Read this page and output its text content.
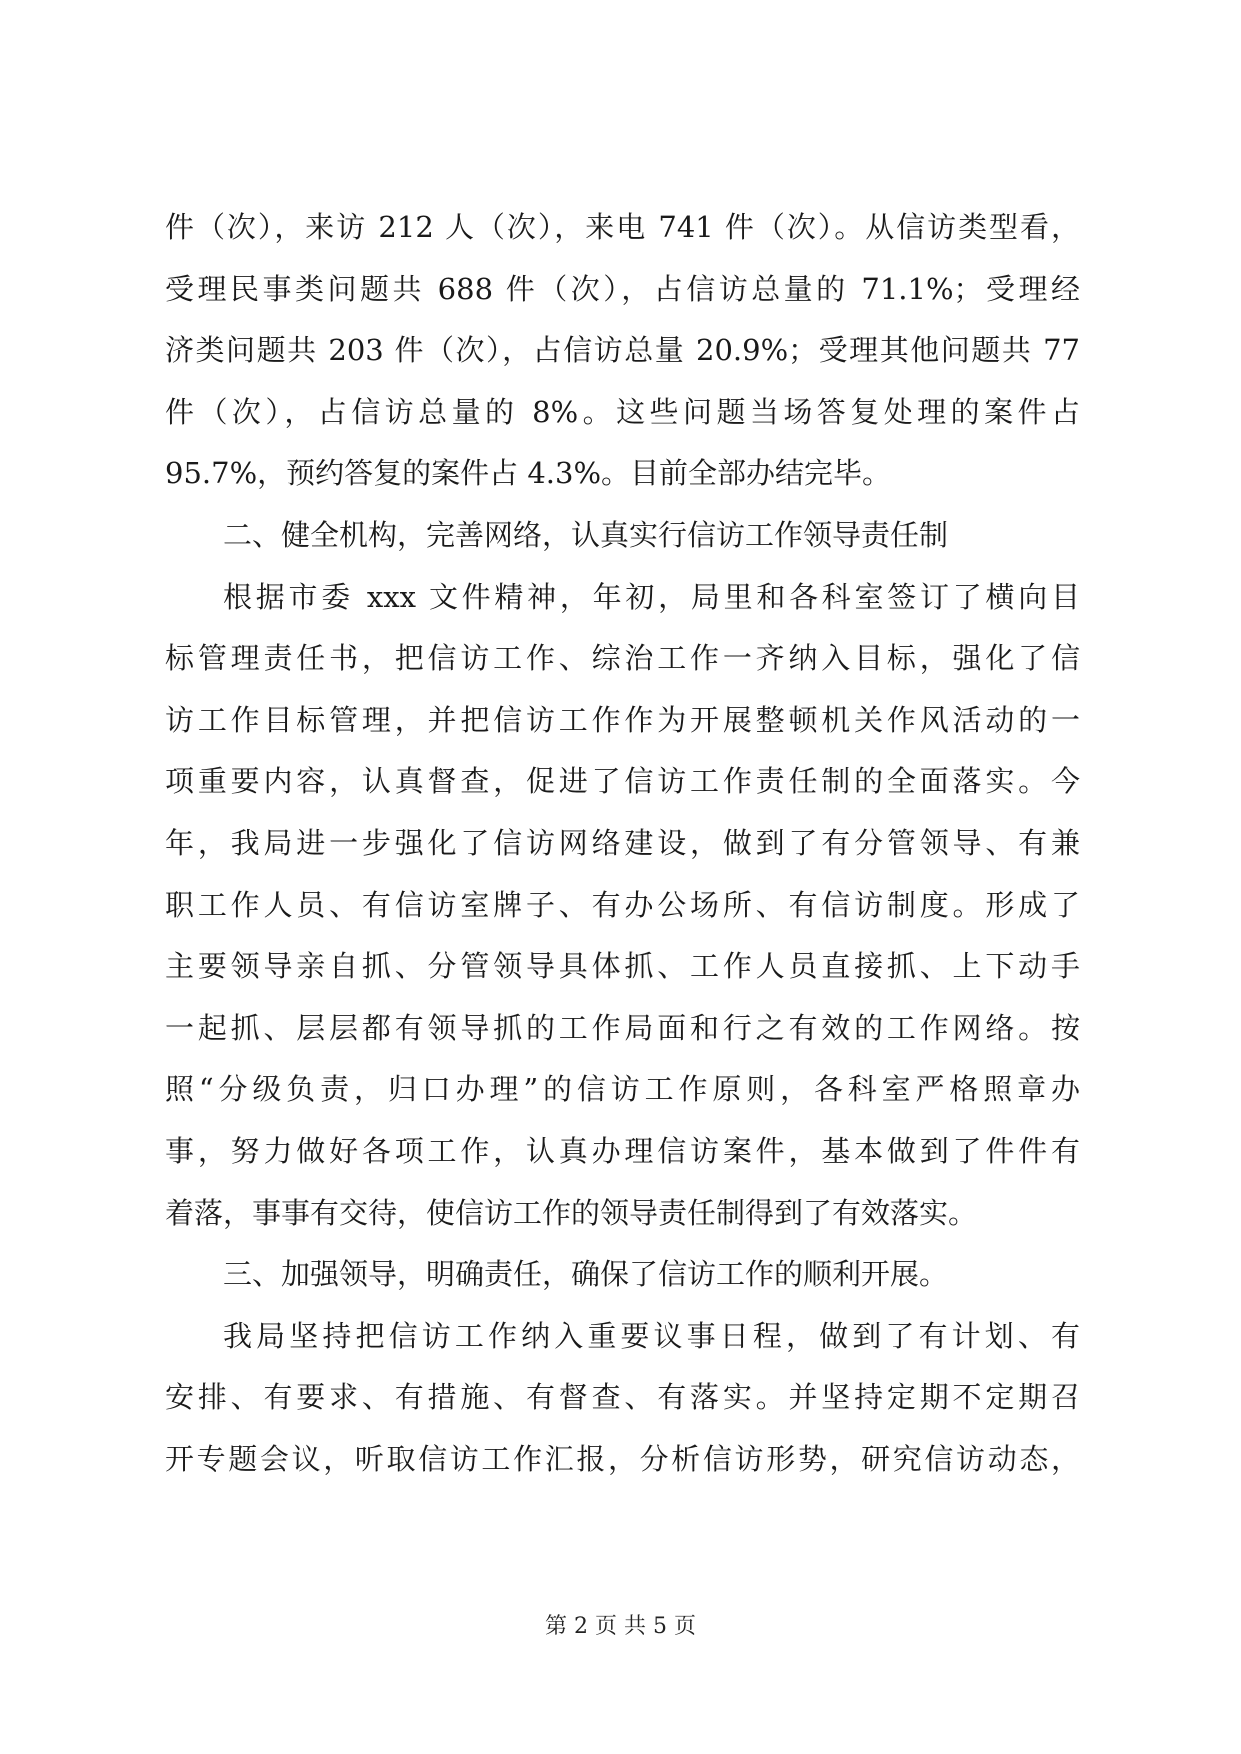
件（次），来访 212 人（次），来电 741 件（次）。从信访类型看，
受理民事类问题共 688 件（次），占信访总量的 71.1%；受理经
济类问题共 203 件（次），占信访总量 20.9%；受理其他问题共 77
件（次），占信访总量的 8%。这些问题当场答复处理的案件占
95.7%，预约答复的案件占 4.3%。目前全部办结完毕。
二、健全机构，完善网络，认真实行信访工作领导责任制
根据市委 xxx 文件精神，年初，局里和各科室签订了横向目
标管理责任书，把信访工作、综治工作一齐纳入目标，强化了信
访工作目标管理，并把信访工作作为开展整顿机关作风活动的一
项重要内容，认真督查，促进了信访工作责任制的全面落实。今
年，我局进一步强化了信访网络建设，做到了有分管领导、有兼
职工作人员、有信访室牌子、有办公场所、有信访制度。形成了
主要领导亲自抓、分管领导具体抓、工作人员直接抓、上下动手
一起抓、层层都有领导抓的工作局面和行之有效的工作网络。按
照“分级负责，归口办理”的信访工作原则，各科室严格照章办
事，努力做好各项工作，认真办理信访案件，基本做到了件件有
着落，事事有交待，使信访工作的领导责任制得到了有效落实。
三、加强领导，明确责任，确保了信访工作的顺利开展。
我局坚持把信访工作纳入重要议事日程，做到了有计划、有
安排、有要求、有措施、有督查、有落实。并坚持定期不定期召
开专题会议，听取信访工作汇报，分析信访形势，研究信访动态，
第 2 页 共 5 页
